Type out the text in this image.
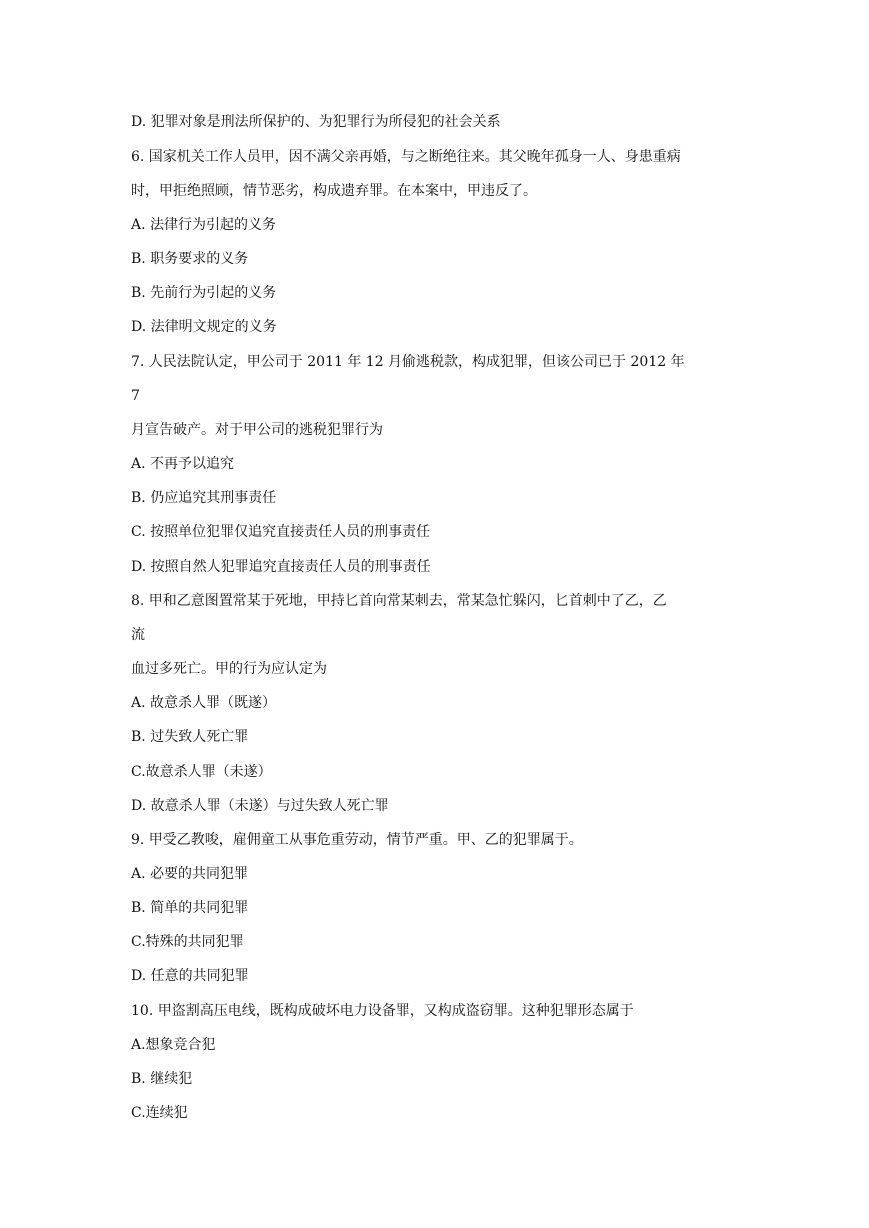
D. 犯罪对象是刑法所保护的、为犯罪行为所侵犯的社会关系
6. 国家机关工作人员甲，因不满父亲再婚，与之断绝往来。其父晚年孤身一人、身患重病
时，甲拒绝照顾，情节恶劣，构成遗弃罪。在本案中，甲违反了。
A. 法律行为引起的义务
B. 职务要求的义务
B. 先前行为引起的义务
D. 法律明文规定的义务
7. 人民法院认定，甲公司于 2011 年 12 月偷逃税款，构成犯罪，但该公司已于 2012 年
7
月宣告破产。对于甲公司的逃税犯罪行为
A. 不再予以追究
B. 仍应追究其刑事责任
C. 按照单位犯罪仅追究直接责任人员的刑事责任
D. 按照自然人犯罪追究直接责任人员的刑事责任
8. 甲和乙意图置常某于死地，甲持匕首向常某刺去，常某急忙躲闪，匕首刺中了乙，乙
流
血过多死亡。甲的行为应认定为
A. 故意杀人罪（既遂）
B. 过失致人死亡罪
C.故意杀人罪（未遂）
D. 故意杀人罪（未遂）与过失致人死亡罪
9. 甲受乙教唆，雇佣童工从事危重劳动，情节严重。甲、乙的犯罪属于。
A. 必要的共同犯罪
B. 简单的共同犯罪
C.特殊的共同犯罪
D. 任意的共同犯罪
10. 甲盗割高压电线，既构成破坏电力设备罪，又构成盗窃罪。这种犯罪形态属于
A.想象竞合犯
B. 继续犯
C.连续犯
